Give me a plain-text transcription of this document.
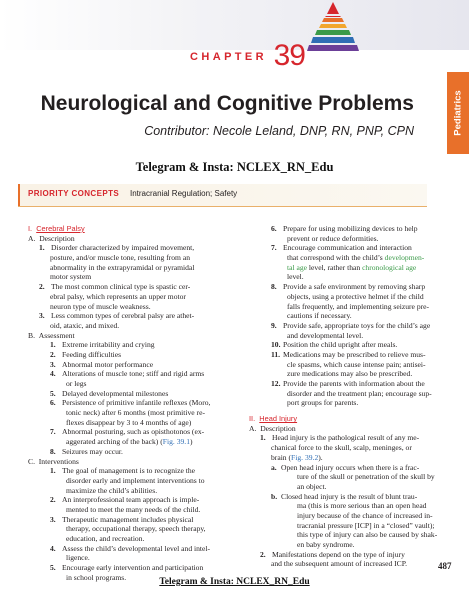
Pediatrics
CHAPTER 39
Neurological and Cognitive Problems
Contributor: Necole Leland, DNP, RN, PNP, CPN
Telegram & Insta: NCLEX_RN_Edu
PRIORITY CONCEPTS Intracranial Regulation; Safety
I. Cerebral Palsy
A. Description
1. Disorder characterized by impaired movement,
posture, and/or muscle tone, resulting from an
abnormality in the extrapyramidal or pyramidal
motor system
2. The most common clinical type is spastic cer-
ebral palsy, which represents an upper motor
neuron type of muscle weakness.
3. Less common types of cerebral palsy are athet-
oid, ataxic, and mixed.
B. Assessment
1. Extreme irritability and crying
2. Feeding difficulties
3. Abnormal motor performance
4. Alterations of muscle tone; stiff and rigid arms
or legs
5. Delayed developmental milestones
6. Persistence of primitive infantile reflexes (Moro,
tonic neck) after 6 months (most primitive re-
flexes disappear by 3 to 4 months of age)
7. Abnormal posturing, such as opisthotonos (ex-
aggerated arching of the back) (Fig. 39.1)
8. Seizures may occur.
C. Interventions
1. The goal of management is to recognize the
disorder early and implement interventions to
maximize the child’s abilities.
2. An interprofessional team approach is imple-
mented to meet the many needs of the child.
3. Therapeutic management includes physical
therapy, occupational therapy, speech therapy,
education, and recreation.
4. Assess the child’s developmental level and intel-
ligence.
5. Encourage early intervention and participation
in school programs.
6. Prepare for using mobilizing devices to help
prevent or reduce deformities.
7. Encourage communication and interaction
that correspond with the child’s developmen-
tal age level, rather than chronological age
level.
8. Provide a safe environment by removing sharp
objects, using a protective helmet if the child
falls frequently, and implementing seizure pre-
cautions if necessary.
9. Provide safe, appropriate toys for the child’s age
and developmental level.
10. Position the child upright after meals.
11. Medications may be prescribed to relieve mus-
cle spasms, which cause intense pain; antisei-
zure medications may also be prescribed.
12. Provide the parents with information about the
disorder and the treatment plan; encourage sup-
port groups for parents.
II. Head Injury
A. Description
1. Head injury is the pathological result of any me-
chanical force to the skull, scalp, meninges, or
brain (Fig. 39.2).
a. Open head injury occurs when there is a frac-
ture of the skull or penetration of the skull by
an object.
b. Closed head injury is the result of blunt trau-
ma (this is more serious than an open head
injury because of the chance of increased in-
tracranial pressure [ICP] in a “closed” vault);
this type of injury can also be caused by shak-
en baby syndrome.
2. Manifestations depend on the type of injury
and the subsequent amount of increased ICP.	487
Telegram & Insta: NCLEX_RN_Edu
